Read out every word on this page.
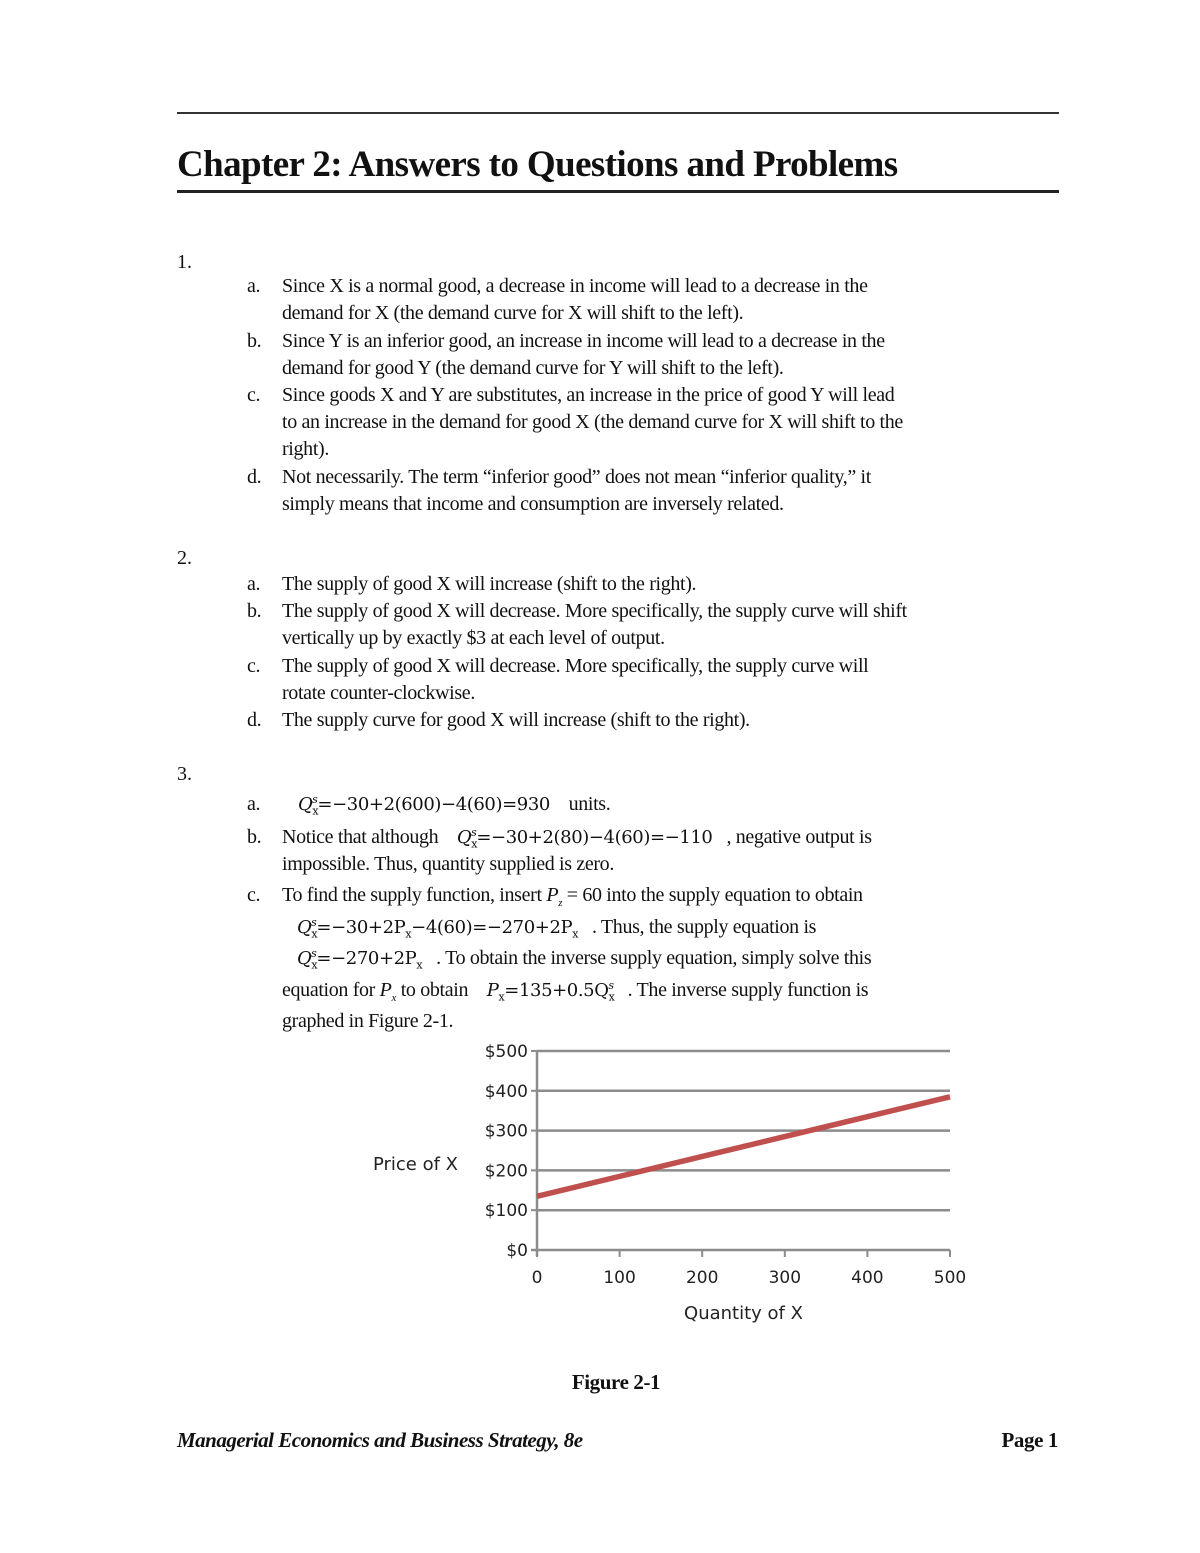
Chapter 2: Answers to Questions and Problems
1.
a.	Since X is a normal good, a decrease in income will lead to a decrease in the
demand for X (the demand curve for X will shift to the left).
b.	Since Y is an inferior good, an increase in income will lead to a decrease in the
demand for good Y (the demand curve for Y will shift to the left).
c.	Since goods X and Y are substitutes, an increase in the price of good Y will lead
to an increase in the demand for good X (the demand curve for X will shift to the
right).
d.	Not necessarily. The term “inferior good” does not mean “inferior quality,” it
simply means that income and consumption are inversely related.
2.
a.	The supply of good X will increase (shift to the right).
b.	The supply of good X will decrease. More specifically, the supply curve will shift
vertically up by exactly $3 at each level of output.
c.	The supply of good X will decrease. More specifically, the supply curve will
rotate counter-clockwise.
d.	The supply curve for good X will increase (shift to the right).
3.
a.	$Q_x^s=-30+2(600)-4(60)=930$ units.
b.	Notice that although $Q_x^s=-30+2(80)-4(60)=-110$ , negative output is
impossible. Thus, quantity supplied is zero.
c.	To find the supply function, insert $P_z = 60$ into the supply equation to obtain
$Q_x^s=-30+2P_x-4(60)=-270+2P_x$ . Thus, the supply equation is
$Q_x^s=-270+2P_x$ . To obtain the inverse supply equation, simply solve this
equation for $P_x$ to obtain $P_x=135+0.5Q_x^s$ . The inverse supply function is
graphed in Figure 2-1.
$0
$100
$200
$300
$400
$500
0	100	200	300	400	500
Price of X
Quantity of X
Figure 2-1
Managerial Economics and Business Strategy, 8e	Page 1
